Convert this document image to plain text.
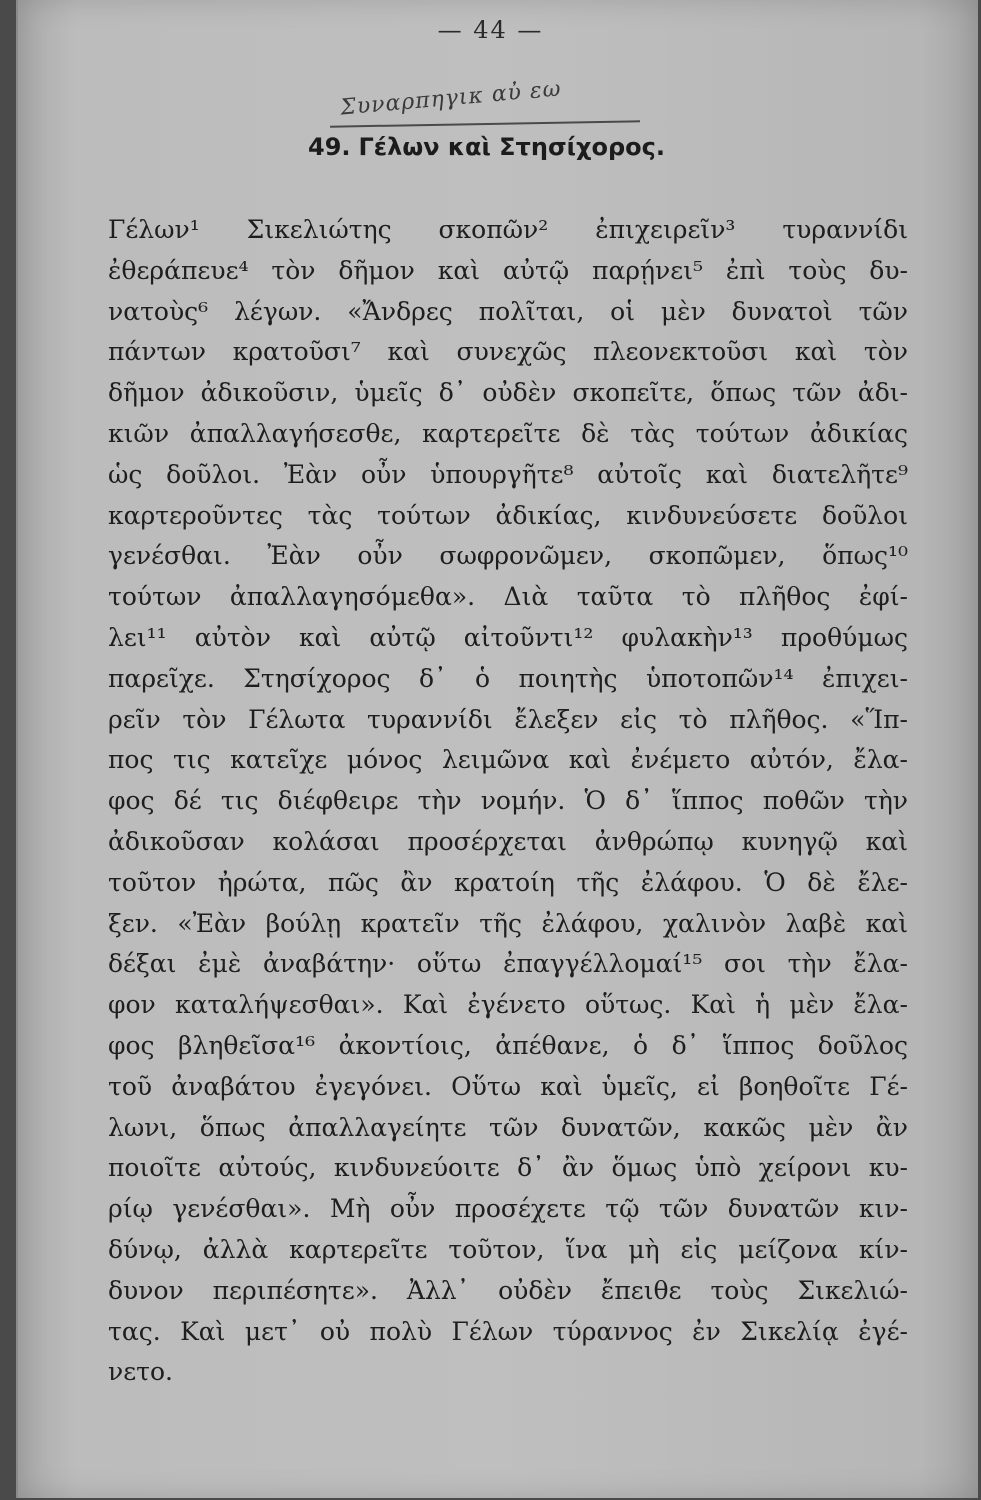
— 44 —
Συναρπηγικ αὐ εω
49. Γέλων καὶ Στησίχορος.
Γέλων¹ Σικελιώτης σκοπῶν² ἐπιχειρεῖν³ τυραννίδι
ἐθεράπευε⁴ τὸν δῆμον καὶ αὐτῷ παρῄνει⁵ ἐπὶ τοὺς δυ-
νατοὺς⁶ λέγων. «Ἄνδρες πολῖται, οἱ μὲν δυνατοὶ τῶν
πάντων κρατοῦσι⁷ καὶ συνεχῶς πλεονεκτοῦσι καὶ τὸν
δῆμον ἀδικοῦσιν, ὑμεῖς δ᾿ οὐδὲν σκοπεῖτε, ὅπως τῶν ἀδι-
κιῶν ἀπαλλαγήσεσθε, καρτερεῖτε δὲ τὰς τούτων ἀδικίας
ὡς δοῦλοι. Ἐὰν οὖν ὑπουργῆτε⁸ αὐτοῖς καὶ διατελῆτε⁹
καρτεροῦντες τὰς τούτων ἀδικίας, κινδυνεύσετε δοῦλοι
γενέσθαι. Ἐὰν οὖν σωφρονῶμεν, σκοπῶμεν, ὅπως¹⁰
τούτων ἀπαλλαγησόμεθα». Διὰ ταῦτα τὸ πλῆθος ἐφί-
λει¹¹ αὐτὸν καὶ αὐτῷ αἰτοῦντι¹² φυλακὴν¹³ προθύμως
παρεῖχε. Στησίχορος δ᾿ ὁ ποιητὴς ὑποτοπῶν¹⁴ ἐπιχει-
ρεῖν τὸν Γέλωτα τυραννίδι ἔλεξεν εἰς τὸ πλῆθος. «Ἵπ-
πος τις κατεῖχε μόνος λειμῶνα καὶ ἐνέμετο αὐτόν, ἔλα-
φος δέ τις διέφθειρε τὴν νομήν. Ὁ δ᾿ ἵππος ποθῶν τὴν
ἀδικοῦσαν κολάσαι προσέρχεται ἀνθρώπῳ κυνηγῷ καὶ
τοῦτον ἠρώτα, πῶς ἂν κρατοίη τῆς ἐλάφου. Ὁ δὲ ἔλε-
ξεν. «Ἐὰν βούλῃ κρατεῖν τῆς ἐλάφου, χαλινὸν λαβὲ καὶ
δέξαι ἐμὲ ἀναβάτην· οὕτω ἐπαγγέλλομαί¹⁵ σοι τὴν ἔλα-
φον καταλήψεσθαι». Καὶ ἐγένετο οὕτως. Καὶ ἡ μὲν ἔλα-
φος βληθεῖσα¹⁶ ἀκοντίοις, ἀπέθανε, ὁ δ᾿ ἵππος δοῦλος
τοῦ ἀναβάτου ἐγεγόνει. Οὕτω καὶ ὑμεῖς, εἰ βοηθοῖτε Γέ-
λωνι, ὅπως ἀπαλλαγείητε τῶν δυνατῶν, κακῶς μὲν ἂν
ποιοῖτε αὐτούς, κινδυνεύοιτε δ᾿ ἂν ὅμως ὑπὸ χείρονι κυ-
ρίῳ γενέσθαι». Μὴ οὖν προσέχετε τῷ τῶν δυνατῶν κιν-
δύνῳ, ἀλλὰ καρτερεῖτε τοῦτον, ἵνα μὴ εἰς μείζονα κίν-
δυνον περιπέσητε». Ἀλλ᾿ οὐδὲν ἔπειθε τοὺς Σικελιώ-
τας. Καὶ μετ᾿ οὐ πολὺ Γέλων τύραννος ἐν Σικελίᾳ ἐγέ-
νετο.
